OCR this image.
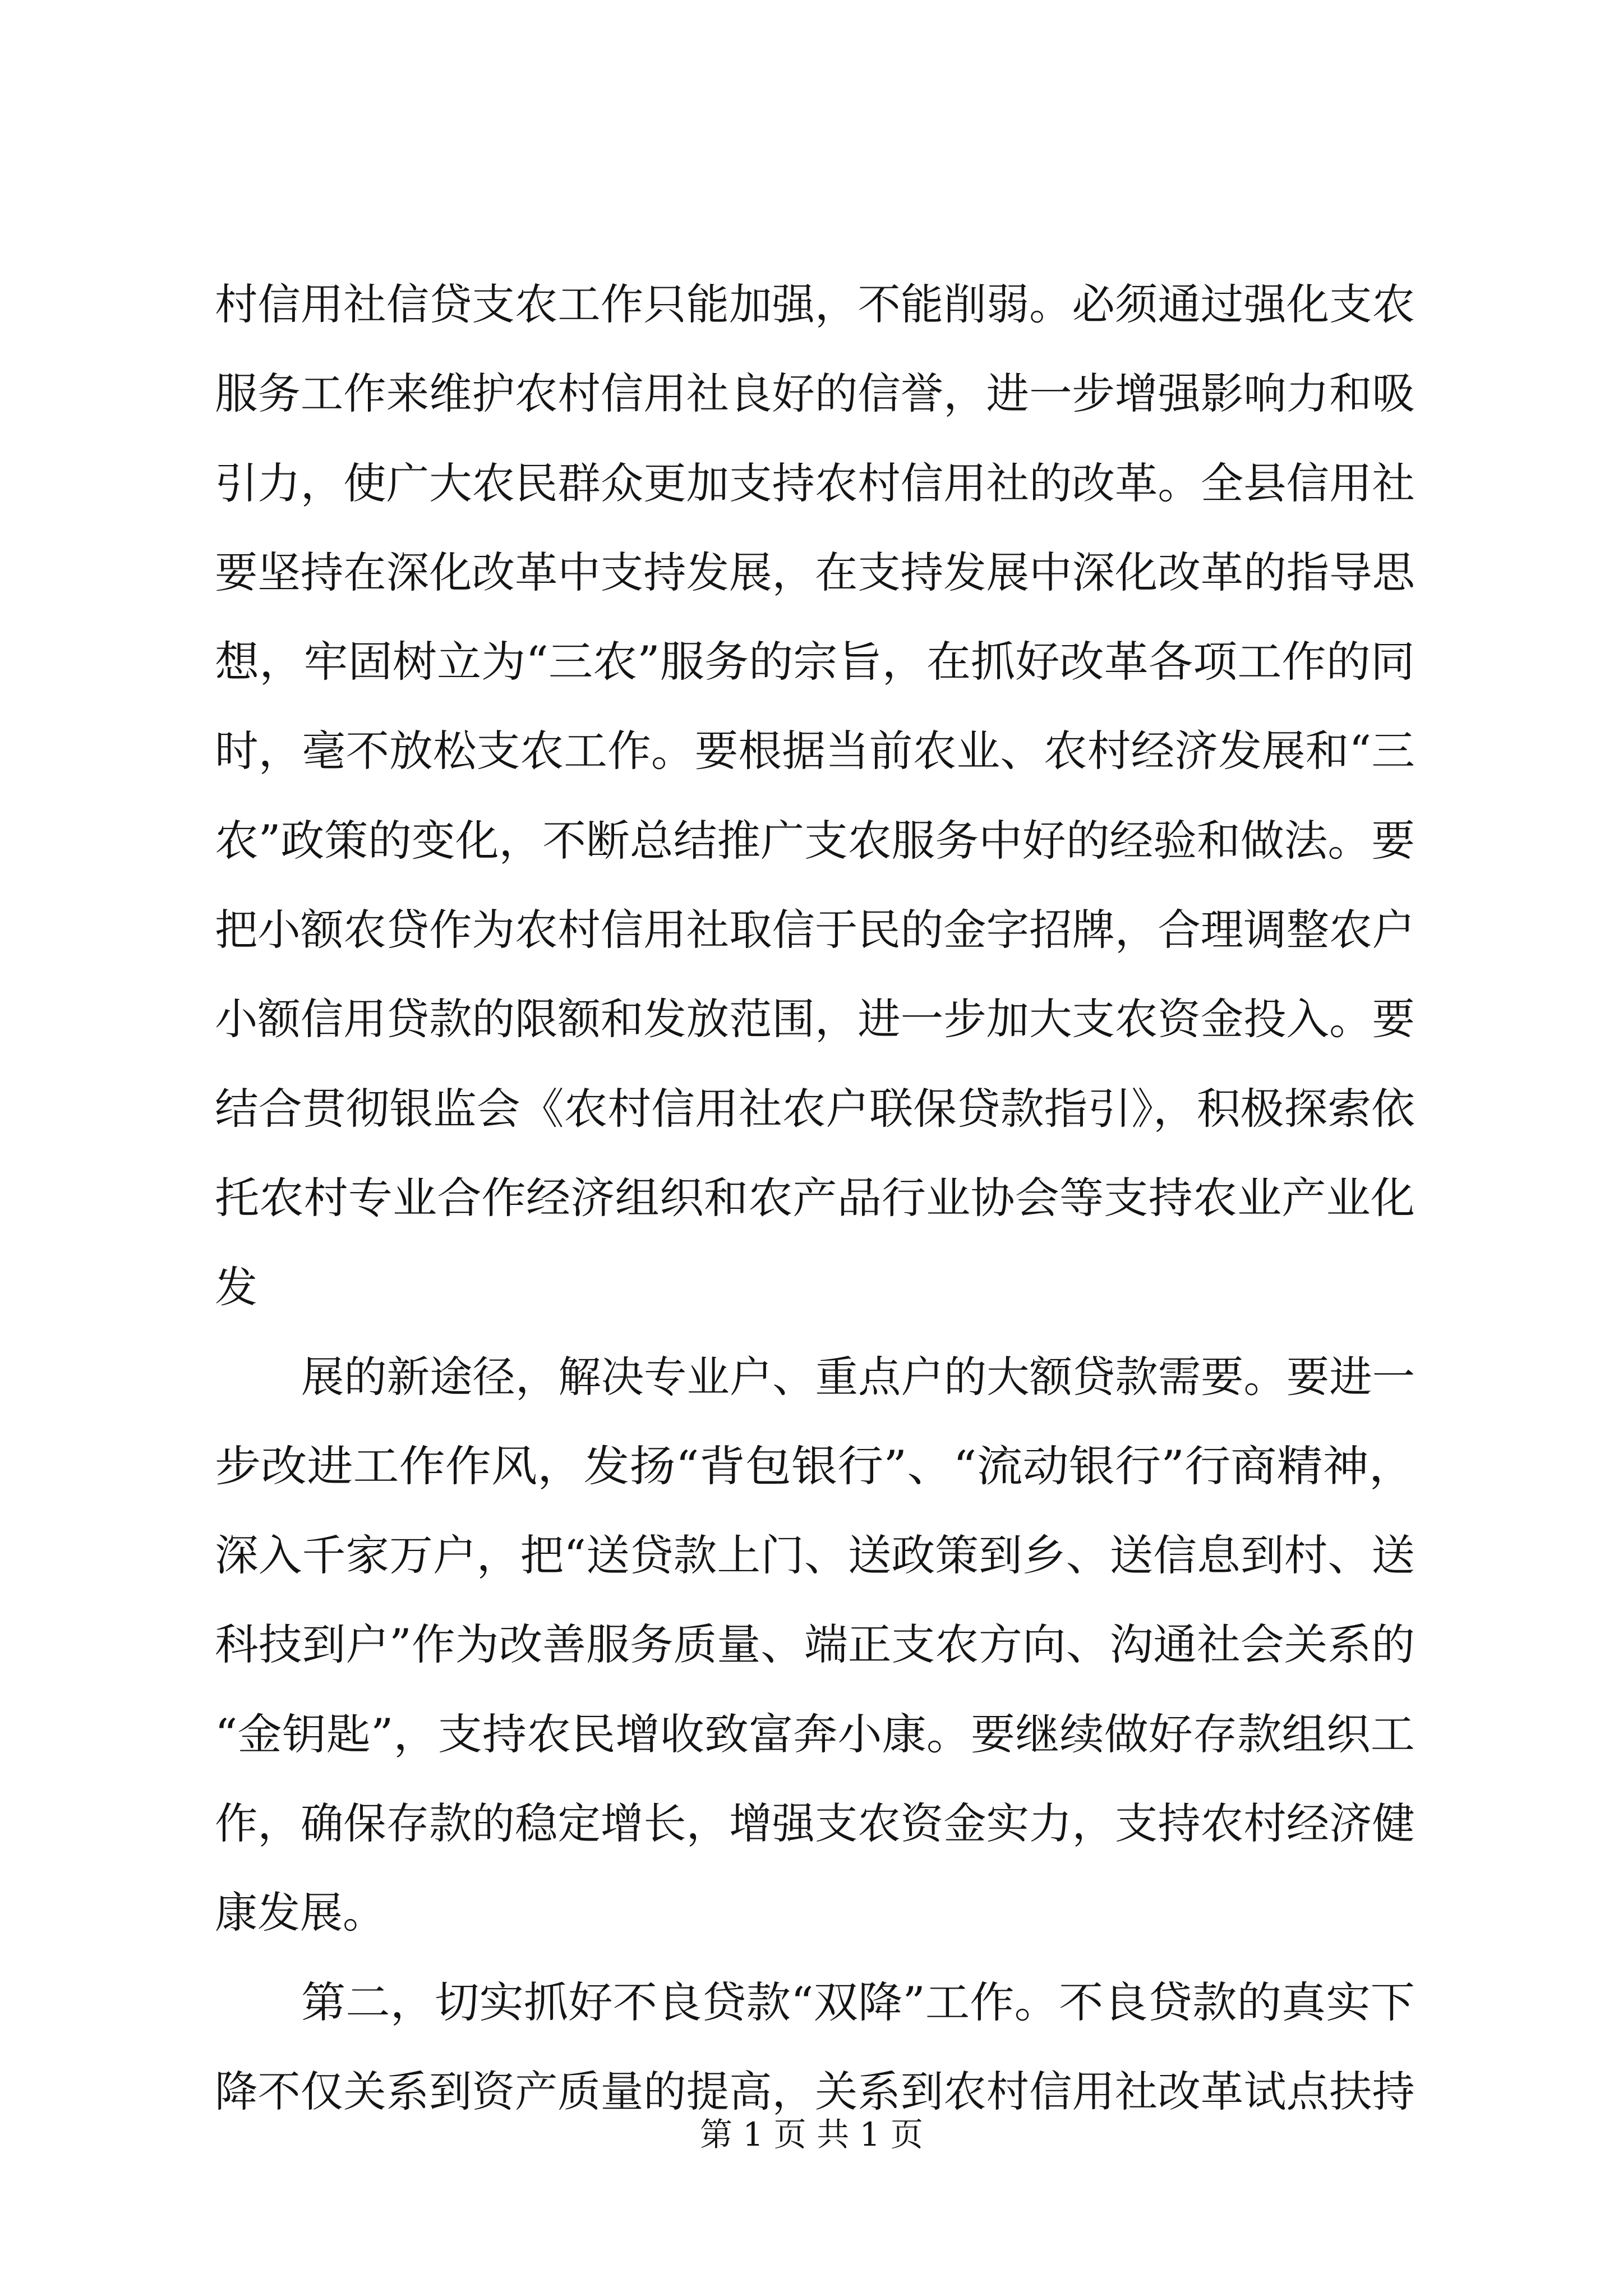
村信用社信贷支农工作只能加强，不能削弱。必须通过强化支农
服务工作来维护农村信用社良好的信誉，进一步增强影响力和吸
引力，使广大农民群众更加支持农村信用社的改革。全县信用社
要坚持在深化改革中支持发展，在支持发展中深化改革的指导思
想，牢固树立为“三农”服务的宗旨，在抓好改革各项工作的同
时，毫不放松支农工作。要根据当前农业、农村经济发展和“三
农”政策的变化，不断总结推广支农服务中好的经验和做法。要
把小额农贷作为农村信用社取信于民的金字招牌，合理调整农户
小额信用贷款的限额和发放范围，进一步加大支农资金投入。要
结合贯彻银监会《农村信用社农户联保贷款指引》，积极探索依
托农村专业合作经济组织和农产品行业协会等支持农业产业化
发
展的新途径，解决专业户、重点户的大额贷款需要。要进一
步改进工作作风，发扬“背包银行”、“流动银行”行商精神，
深入千家万户，把“送贷款上门、送政策到乡、送信息到村、送
科技到户”作为改善服务质量、端正支农方向、沟通社会关系的
“金钥匙”，支持农民增收致富奔小康。要继续做好存款组织工
作，确保存款的稳定增长，增强支农资金实力，支持农村经济健
康发展。
第二，切实抓好不良贷款“双降”工作。不良贷款的真实下
降不仅关系到资产质量的提高，关系到农村信用社改革试点扶持
第 1 页 共 1 页
